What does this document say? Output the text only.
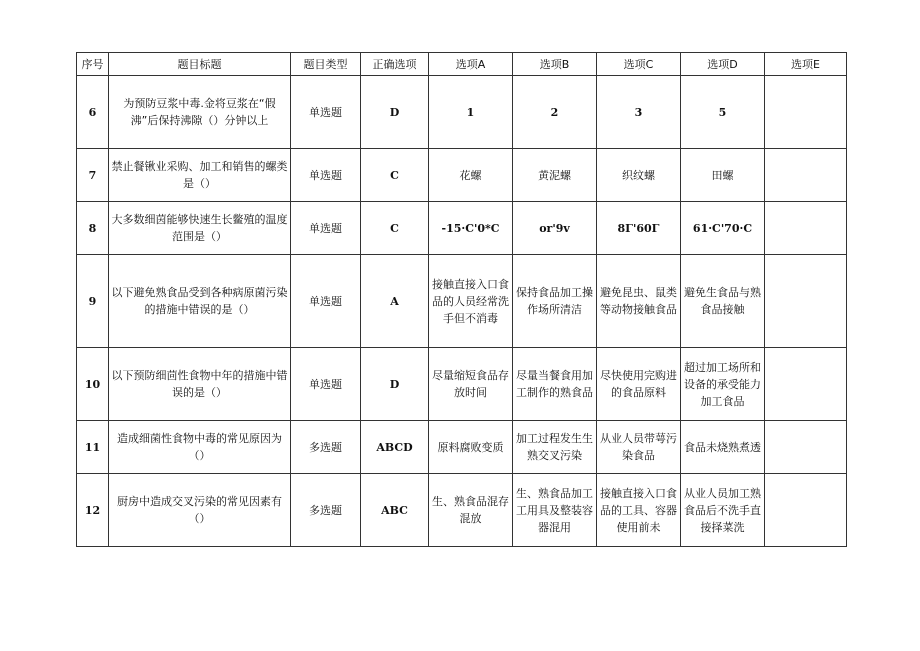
序号	题目标题	题目类型	正确选项	选项A	选项B	选项C	选项D	选项E
6	为预防豆浆中毒.金将豆浆在“假沸”后保持沸隙（）分钟以上	单选题	D	1	2	3	5	
7	禁止餐锹业采购、加工和销售的螺类是（）	单选题	C	花螺	黄泥螺	织纹螺	田螺	
8	大多数细茵能够快速生长鳖殖的温度范围是（）	单选题	C	-15·C'0*C	or'9v	8Γ'60Γ	61·C'70·C	
9	以下避免熟食品受到各种病原菌污染的措施中错误的是（）	单选题	A	接触直接入口食品的人员经常洗手但不消毒	保持食品加工操作场所清洁	避免昆虫、鼠类等动物接触食品	避免生食品与熟食品接触	
10	以下预防细茴性食物中年的措施中错误的是（）	单选题	D	尽量缩短食品存放时间	尽量当餐食用加工制作的熟食品	尽快使用完购进的食品原料	超过加工场所和设备的承受能力加工食品	
11	造成细菌性食物中毒的常见原因为（）	多选题	ABCD	原料腐败变质	加工过程发生生熟交叉污染	从业人员带萼污染食品	食品未烧熟煮透	
12	厨房中造成交叉污染的常见因素有（）	多选题	ABC	生、熟食品混存混放	生、熟食品加工工用具及整装容器混用	接触直接入口食品的工具、容器使用前未	从业人员加工熟食品后不洗手直接择菜洗	
